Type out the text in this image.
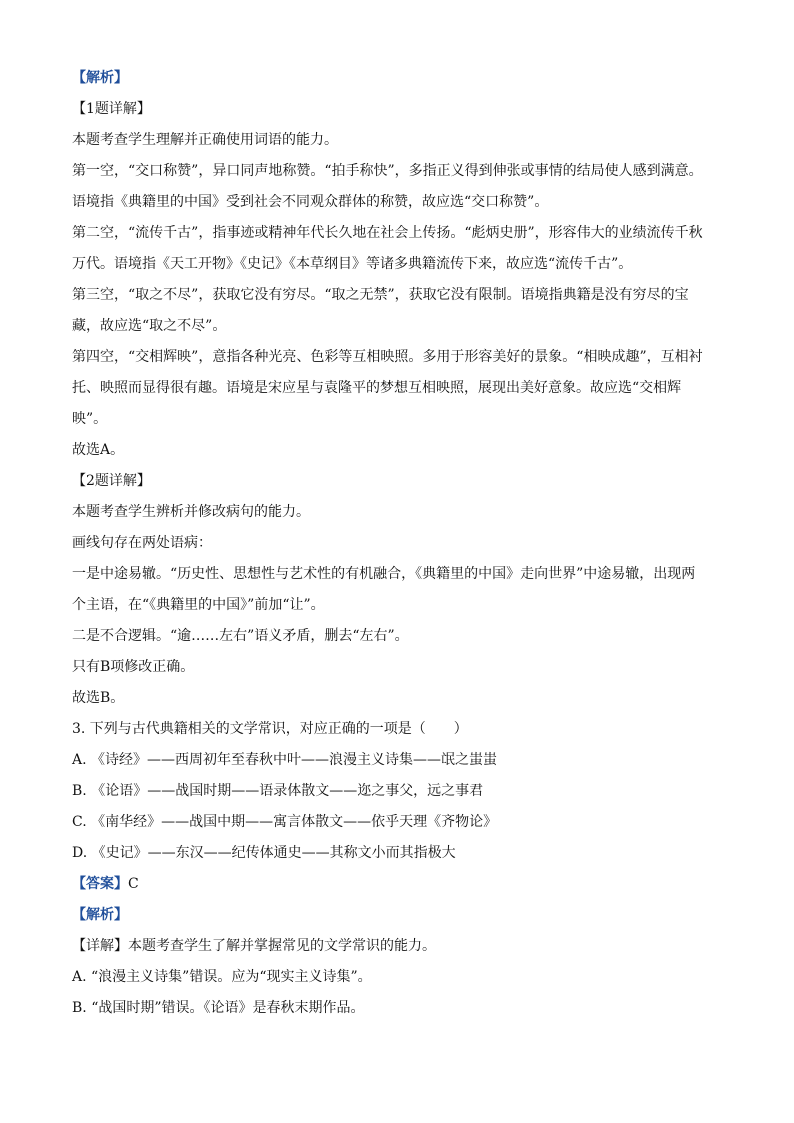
【解析】
【1题详解】
本题考查学生理解并正确使用词语的能力。
第一空，“交口称赞”，异口同声地称赞。“拍手称快”，多指正义得到伸张或事情的结局使人感到满意。
语境指《典籍里的中国》受到社会不同观众群体的称赞，故应选“交口称赞”。
第二空，“流传千古”，指事迹或精神年代长久地在社会上传扬。“彪炳史册”，形容伟大的业绩流传千秋
万代。语境指《天工开物》《史记》《本草纲目》等诸多典籍流传下来，故应选“流传千古”。
第三空，“取之不尽”，获取它没有穷尽。“取之无禁”，获取它没有限制。语境指典籍是没有穷尽的宝
藏，故应选“取之不尽”。
第四空，“交相辉映”，意指各种光亮、色彩等互相映照。多用于形容美好的景象。“相映成趣”，互相衬
托、映照而显得很有趣。语境是宋应星与袁隆平的梦想互相映照，展现出美好意象。故应选“交相辉
映”。
故选A。
【2题详解】
本题考查学生辨析并修改病句的能力。
画线句存在两处语病：
一是中途易辙。“历史性、思想性与艺术性的有机融合，《典籍里的中国》走向世界”中途易辙，出现两
个主语，在“《典籍里的中国》”前加“让”。
二是不合逻辑。“逾……左右”语义矛盾，删去“左右”。
只有B项修改正确。
故选B。
3. 下列与古代典籍相关的文学常识，对应正确的一项是（　　）
A. 《诗经》——西周初年至春秋中叶——浪漫主义诗集——氓之蚩蚩
B. 《论语》——战国时期——语录体散文——迩之事父，远之事君
C. 《南华经》——战国中期——寓言体散文——依乎天理《齐物论》
D. 《史记》——东汉——纪传体通史——其称文小而其指极大
【答案】C
【解析】
【详解】本题考查学生了解并掌握常见的文学常识的能力。
A. “浪漫主义诗集”错误。应为“现实主义诗集”。
B. “战国时期”错误。《论语》是春秋末期作品。
